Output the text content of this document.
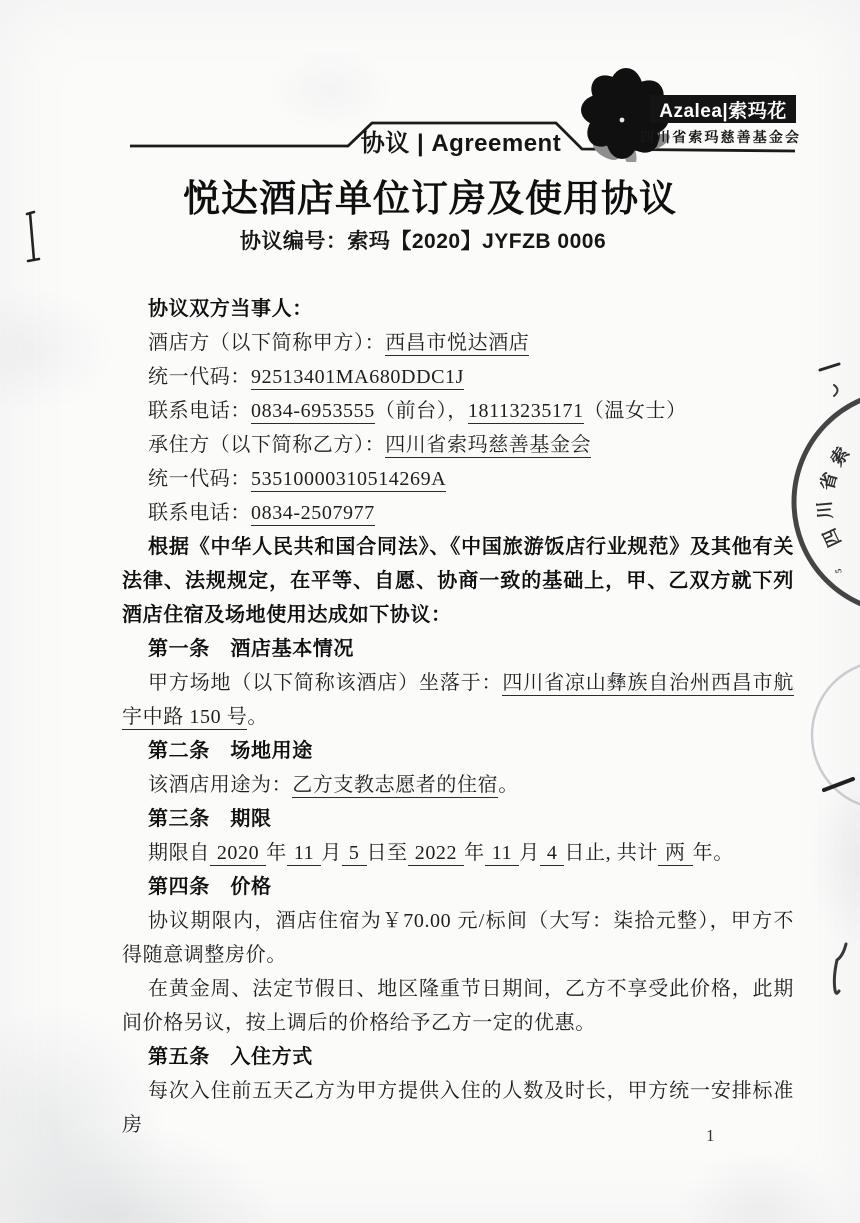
Azalea|索玛花
四川省索玛慈善基金会
协议 | Agreement
悦达酒店单位订房及使用协议
协议编号：索玛【2020】JYFZB 0006
协议双方当事人：
酒店方（以下简称甲方）：西昌市悦达酒店
统一代码：92513401MA680DDC1J
联系电话：0834-6953555（前台），18113235171（温女士）
承住方（以下简称乙方）：四川省索玛慈善基金会
统一代码：53510000310514269A
联系电话：0834-2507977
根据《中华人民共和国合同法》、《中国旅游饭店行业规范》及其他有关法律、法规规定，在平等、自愿、协商一致的基础上，甲、乙双方就下列酒店住宿及场地使用达成如下协议：
第一条　酒店基本情况
甲方场地（以下简称该酒店）坐落于：四川省凉山彝族自治州西昌市航宇中路 150 号。
第二条　场地用途
该酒店用途为：乙方支教志愿者的住宿。
第三条　期限
期限自 2020 年 11 月 5 日至 2022 年 11 月 4 日止, 共计 两 年。
第四条　价格
协议期限内，酒店住宿为￥70.00 元/标间（大写：柒拾元整），甲方不得随意调整房价。
在黄金周、法定节假日、地区隆重节日期间，乙方不享受此价格，此期间价格另议，按上调后的价格给予乙方一定的优惠。
第五条　入住方式
每次入住前五天乙方为甲方提供入住的人数及时长，甲方统一安排标准房
四
川
省
索
5
1
